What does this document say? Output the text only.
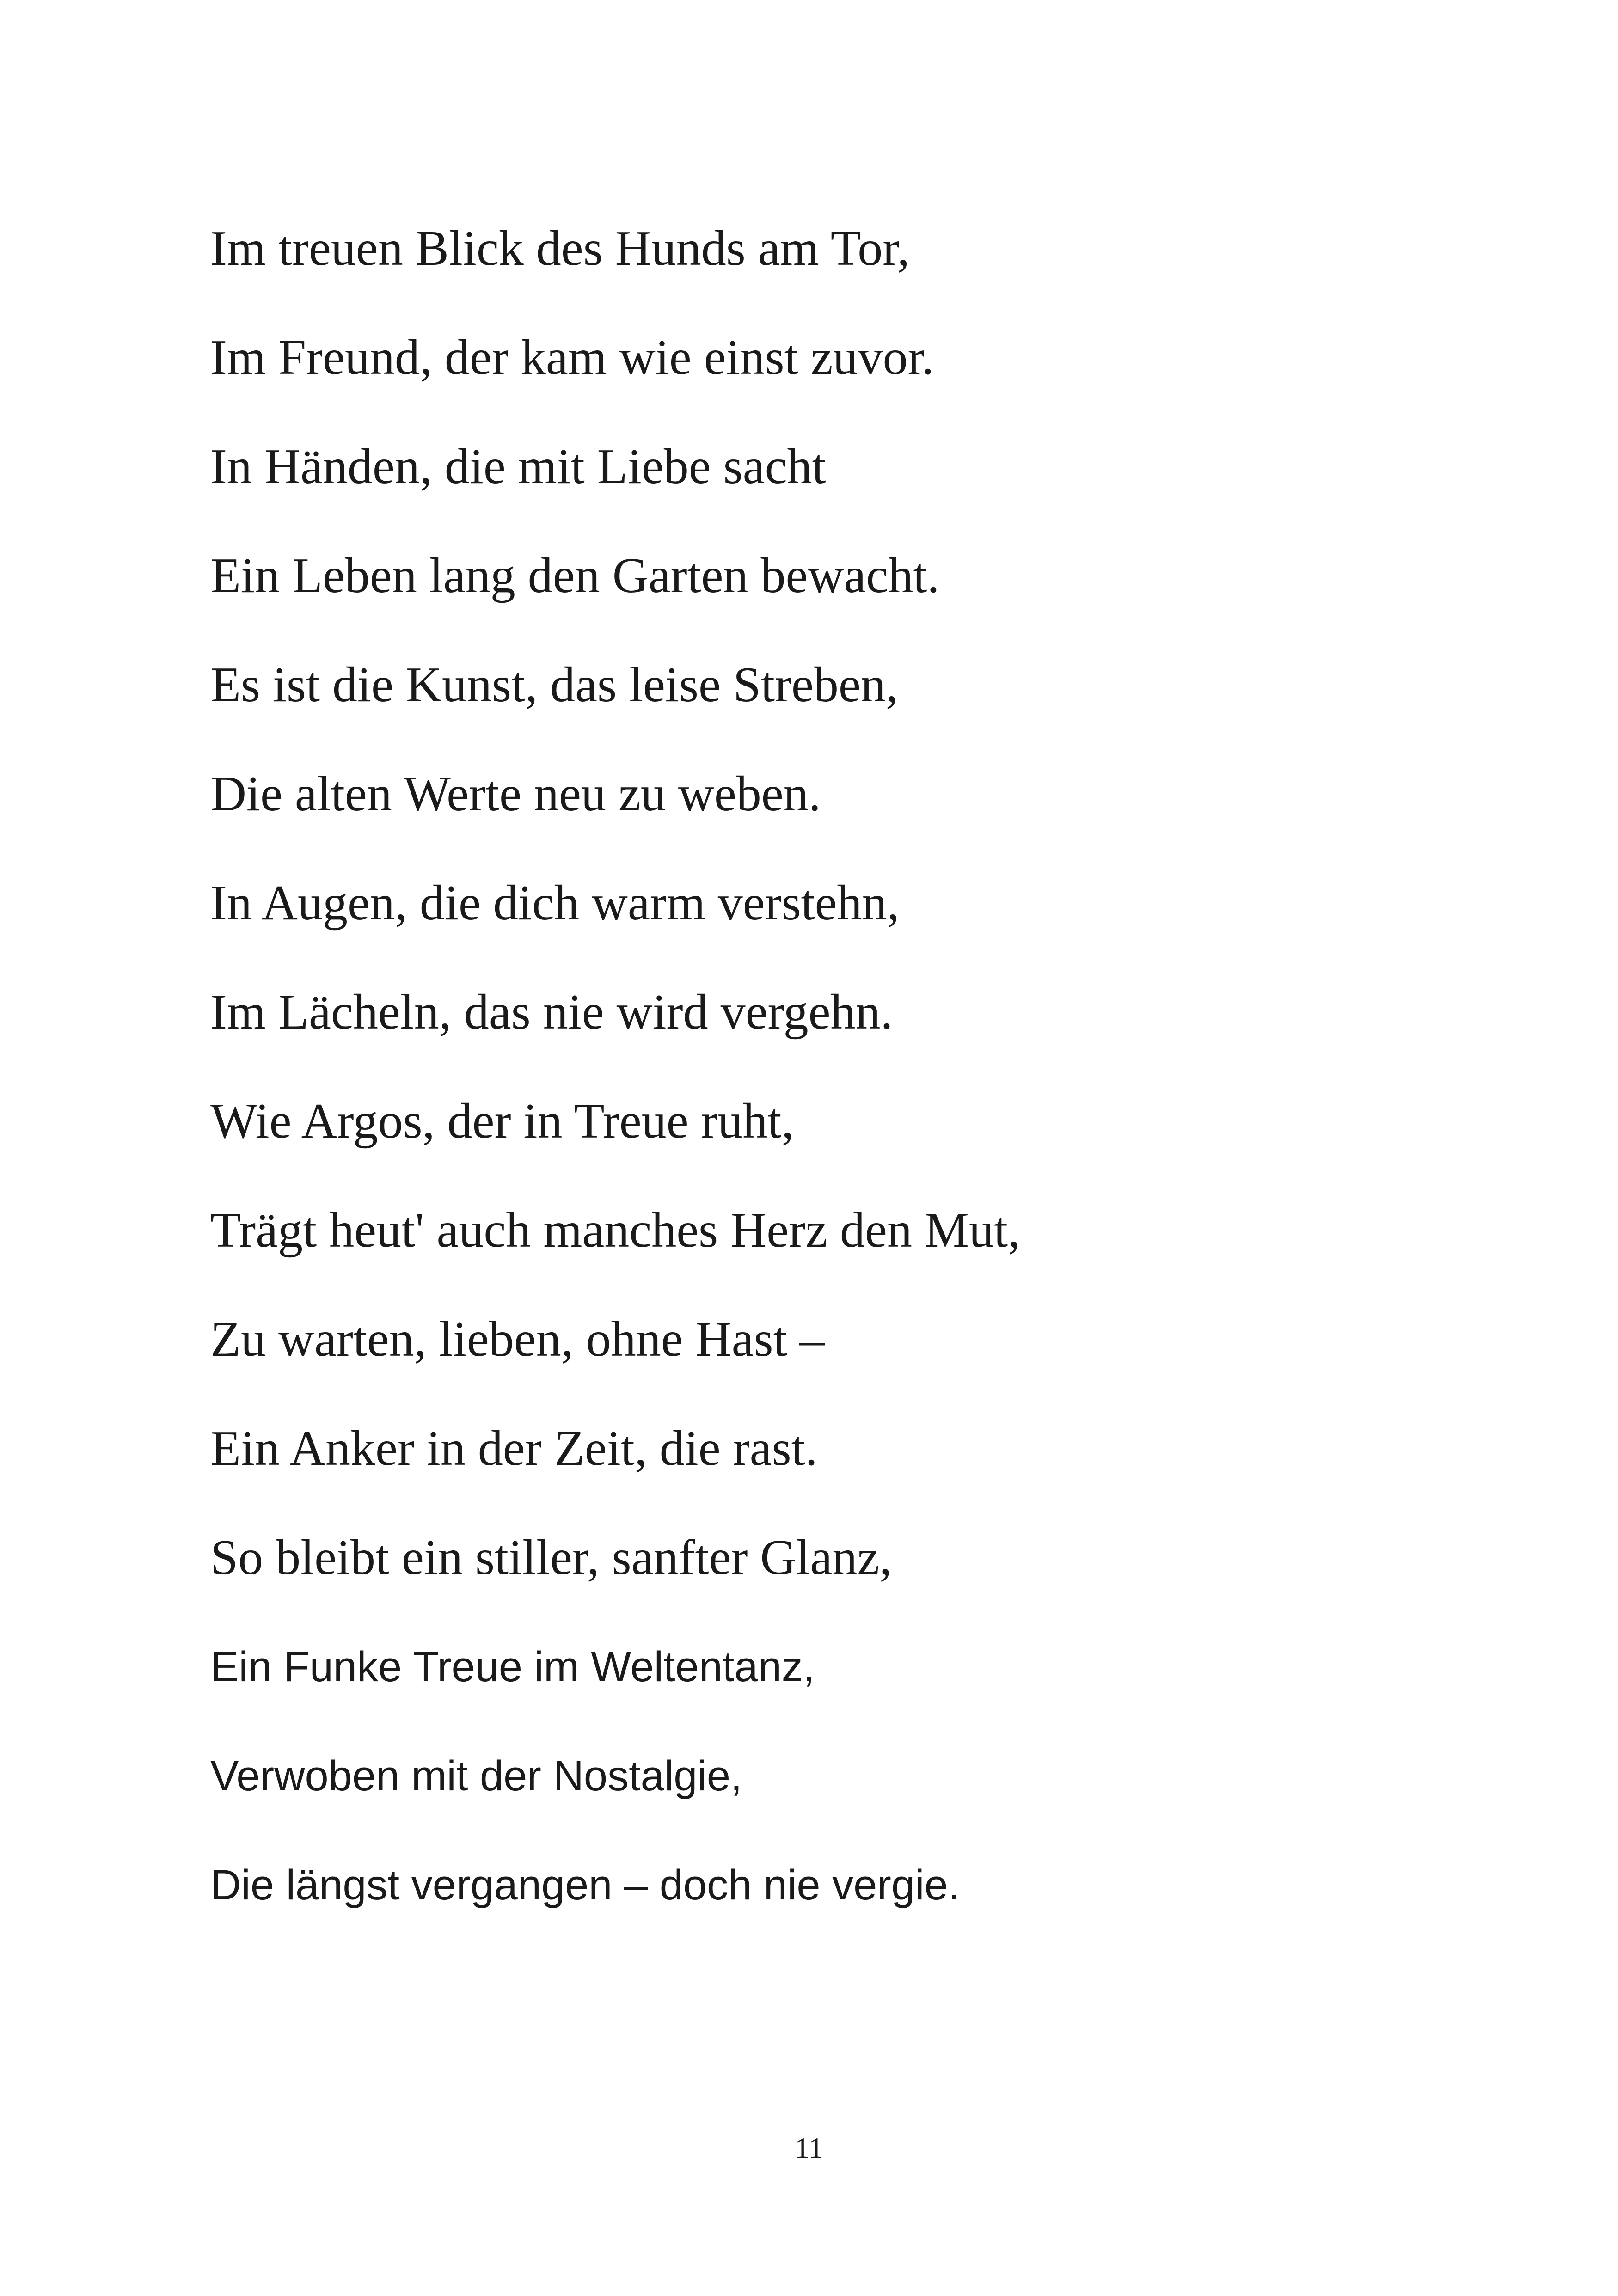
Im treuen Blick des Hunds am Tor,
Im Freund, der kam wie einst zuvor.
In Händen, die mit Liebe sacht
Ein Leben lang den Garten bewacht.
Es ist die Kunst, das leise Streben,
Die alten Werte neu zu weben.
In Augen, die dich warm verstehn,
Im Lächeln, das nie wird vergehn.
Wie Argos, der in Treue ruht,
Trägt heut' auch manches Herz den Mut,
Zu warten, lieben, ohne Hast –
Ein Anker in der Zeit, die rast.
So bleibt ein stiller, sanfter Glanz,
Ein Funke Treue im Weltentanz,
Verwoben mit der Nostalgie,
Die längst vergangen – doch nie vergie.
11
